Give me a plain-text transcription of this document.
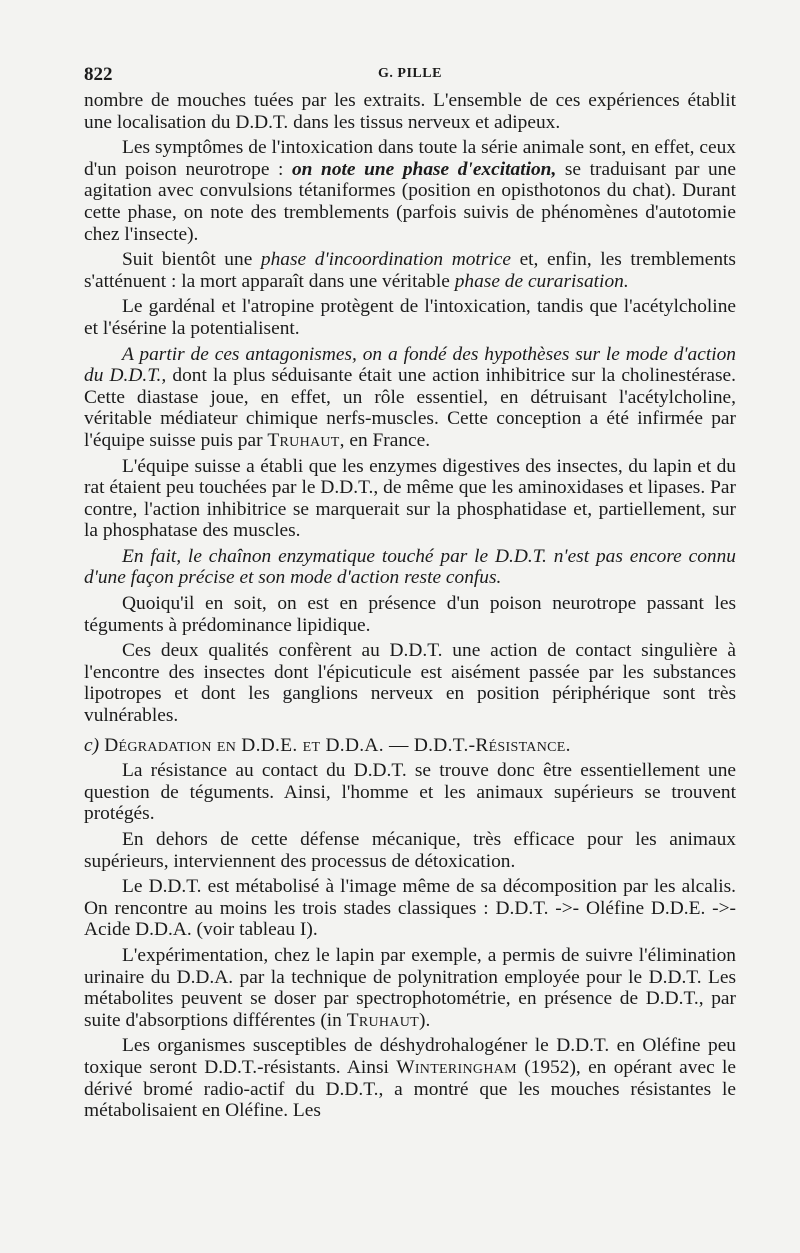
822	G. PILLE

nombre de mouches tuées par les extraits. L'ensemble de ces expériences établit une localisation du D.D.T. dans les tissus nerveux et adipeux.

Les symptômes de l'intoxication dans toute la série animale sont, en effet, ceux d'un poison neurotrope : on note une phase d'excitation, se traduisant par une agitation avec convulsions tétaniformes (position en opisthotonos du chat). Durant cette phase, on note des tremblements (parfois suivis de phénomènes d'autotomie chez l'insecte).

Suit bientôt une phase d'incoordination motrice et, enfin, les tremblements s'atténuent : la mort apparaît dans une véritable phase de curarisation.

Le gardénal et l'atropine protègent de l'intoxication, tandis que l'acétylcholine et l'ésérine la potentialisent.

A partir de ces antagonismes, on a fondé des hypothèses sur le mode d'action du D.D.T., dont la plus séduisante était une action inhibitrice sur la cholinestérase. Cette diastase joue, en effet, un rôle essentiel, en détruisant l'acétylcholine, véritable médiateur chimique nerfs-muscles. Cette conception a été infirmée par l'équipe suisse puis par Truhaut, en France.

L'équipe suisse a établi que les enzymes digestives des insectes, du lapin et du rat étaient peu touchées par le D.D.T., de même que les aminoxidases et lipases. Par contre, l'action inhibitrice se marquerait sur la phosphatidase et, partiellement, sur la phosphatase des muscles.

En fait, le chaînon enzymatique touché par le D.D.T. n'est pas encore connu d'une façon précise et son mode d'action reste confus.

Quoiqu'il en soit, on est en présence d'un poison neurotrope passant les téguments à prédominance lipidique.

Ces deux qualités confèrent au D.D.T. une action de contact singulière à l'encontre des insectes dont l'épicuticule est aisément passée par les substances lipotropes et dont les ganglions nerveux en position périphérique sont très vulnérables.

c) Dégradation en D.D.E. et D.D.A. — D.D.T.-Résistance.

La résistance au contact du D.D.T. se trouve donc être essentiellement une question de téguments. Ainsi, l'homme et les animaux supérieurs se trouvent protégés.

En dehors de cette défense mécanique, très efficace pour les animaux supérieurs, interviennent des processus de détoxication.

Le D.D.T. est métabolisé à l'image même de sa décomposition par les alcalis. On rencontre au moins les trois stades classiques : D.D.T. ->- Oléfine D.D.E. ->- Acide D.D.A. (voir tableau I).

L'expérimentation, chez le lapin par exemple, a permis de suivre l'élimination urinaire du D.D.A. par la technique de polynitration employée pour le D.D.T. Les métabolites peuvent se doser par spectrophotométrie, en présence de D.D.T., par suite d'absorptions différentes (in Truhaut).

Les organismes susceptibles de déshydrohalogéner le D.D.T. en Oléfine peu toxique seront D.D.T.-résistants. Ainsi Winteringham (1952), en opérant avec le dérivé bromé radio-actif du D.D.T., a montré que les mouches résistantes le métabolisaient en Oléfine. Les
